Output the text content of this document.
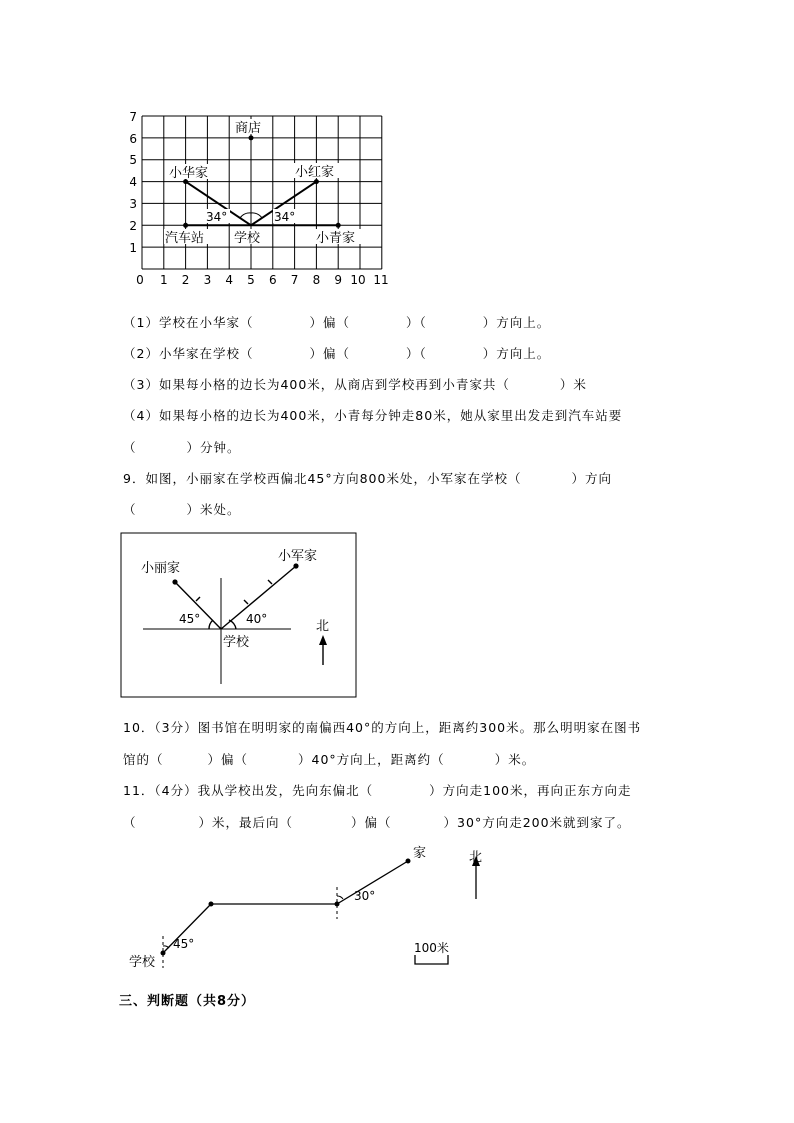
7
6
5
4
3
2
1
0 1 2 3 4 5 6 7 8 9 10 11
商店
小华家	小红家
汽车站 学校	小青家
34°	34°
（1）学校在小华家（	）偏（	）（	）方向上。
（2）小华家在学校（	）偏（	）（	）方向上。
（3）如果每小格的边长为400米，从商店到学校再到小青家共（	）米
（4）如果每小格的边长为400米，小青每分钟走80米，她从家里出发走到汽车站要
（	）分钟。
9．如图，小丽家在学校西偏北45°方向800米处，小军家在学校（	）方向
（	）米处。
小丽家
小军家
学校
北
45°	40°
10．（3分）图书馆在明明家的南偏西40°的方向上，距离约300米。那么明明家在图书
馆的（	）偏（	）40°方向上，距离约（	）米。
11．（4分）我从学校出发，先向东偏北（	）方向走100米，再向正东方向走
（	）米，最后向（	）偏（	）30°方向走200米就到家了。
学校
家	北
100米
45°
30°
三、判断题（共8分）
